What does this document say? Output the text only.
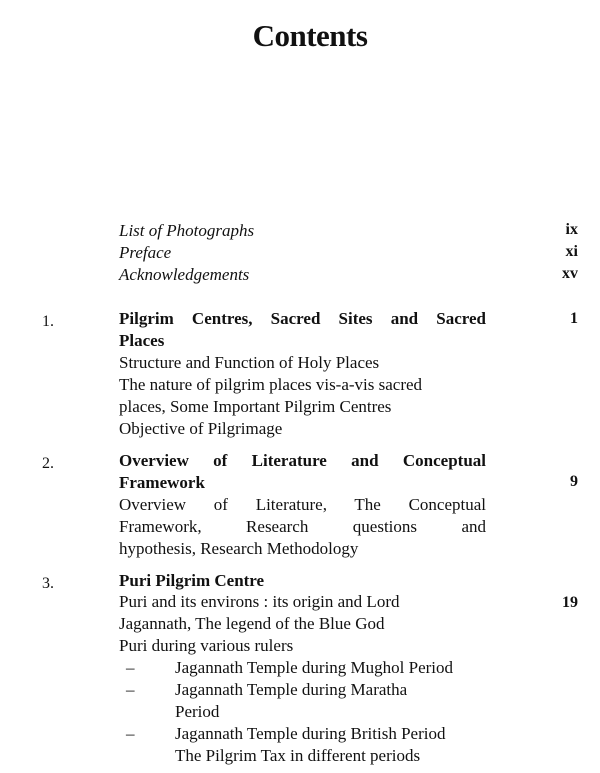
Contents
List of Photographs	ix
Preface	xi
Acknowledgements	xv
1.	Pilgrim Centres, Sacred Sites and Sacred	1
Places
Structure and Function of Holy Places
The nature of pilgrim places vis-a-vis sacred
places, Some Important Pilgrim Centres
Objective of Pilgrimage
2.	Overview of Literature and Conceptual
Framework	9
Overview of Literature, The Conceptual
Framework, Research questions and
hypothesis, Research Methodology
3.	Puri Pilgrim Centre
Puri and its environs : its origin and Lord	19
Jagannath, The legend of the Blue God
Puri during various rulers
– Jagannath Temple during Mughol Period
– Jagannath Temple during Maratha
Period
– Jagannath Temple during British Period
The Pilgrim Tax in different periods
